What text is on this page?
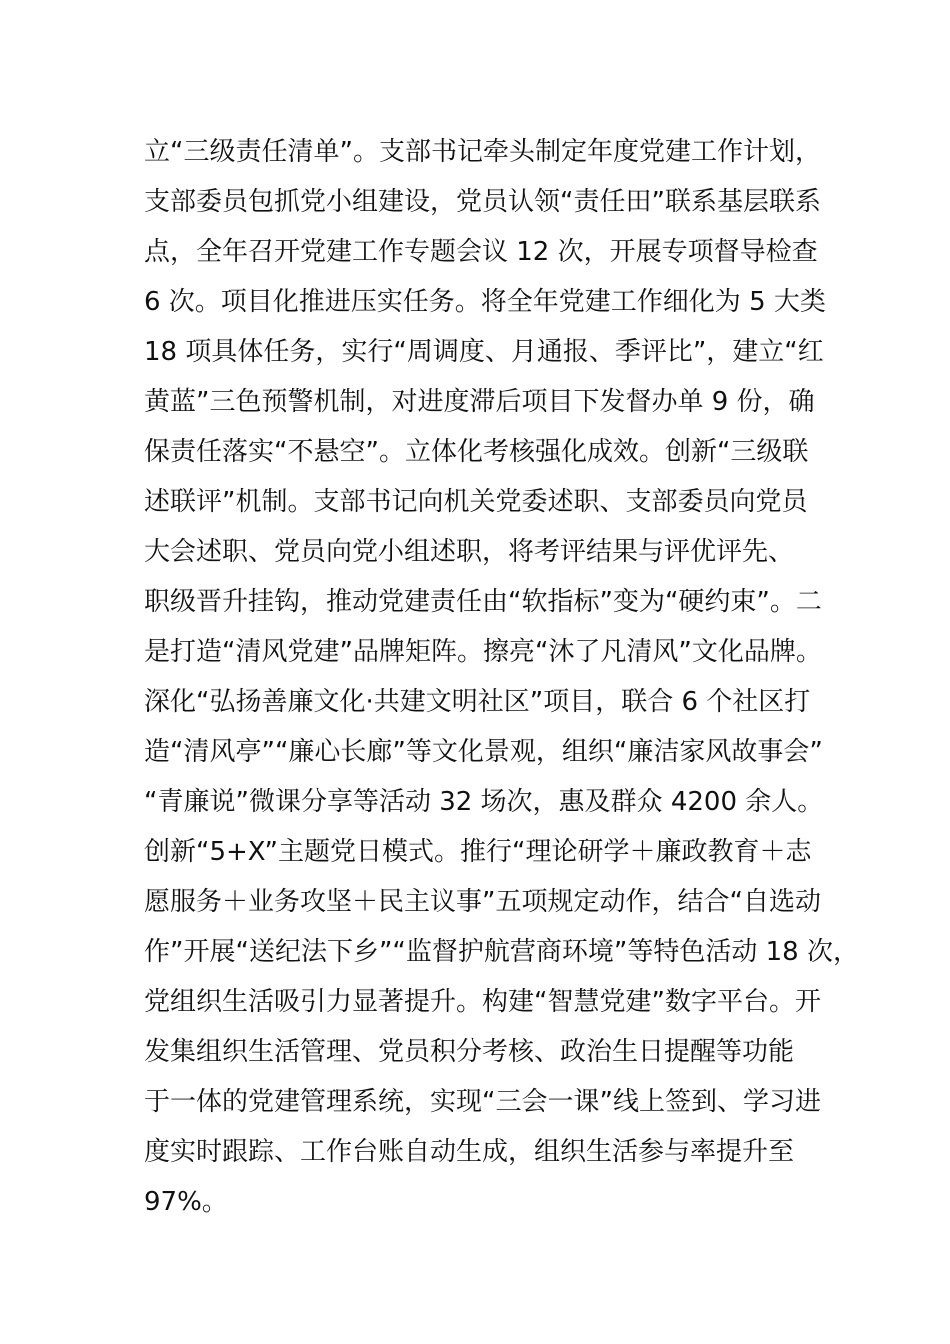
立“三级责任清单”。支部书记牵头制定年度党建工作计划，
支部委员包抓党小组建设，党员认领“责任田”联系基层联系
点，全年召开党建工作专题会议 12 次，开展专项督导检查
6 次。项目化推进压实任务。将全年党建工作细化为 5 大类
18 项具体任务，实行“周调度、月通报、季评比”，建立“红
黄蓝”三色预警机制，对进度滞后项目下发督办单 9 份，确
保责任落实“不悬空”。立体化考核强化成效。创新“三级联
述联评”机制。支部书记向机关党委述职、支部委员向党员
大会述职、党员向党小组述职，将考评结果与评优评先、
职级晋升挂钩，推动党建责任由“软指标”变为“硬约束”。二
是打造“清风党建”品牌矩阵。擦亮“沐了凡清风”文化品牌。
深化“弘扬善廉文化·共建文明社区”项目，联合 6 个社区打
造“清风亭”“廉心长廊”等文化景观，组织“廉洁家风故事会”
“青廉说”微课分享等活动 32 场次，惠及群众 4200 余人。
创新“5+X”主题党日模式。推行“理论研学＋廉政教育＋志
愿服务＋业务攻坚＋民主议事”五项规定动作，结合“自选动
作”开展“送纪法下乡”“监督护航营商环境”等特色活动 18 次，
党组织生活吸引力显著提升。构建“智慧党建”数字平台。开
发集组织生活管理、党员积分考核、政治生日提醒等功能
于一体的党建管理系统，实现“三会一课”线上签到、学习进
度实时跟踪、工作台账自动生成，组织生活参与率提升至
97%。
